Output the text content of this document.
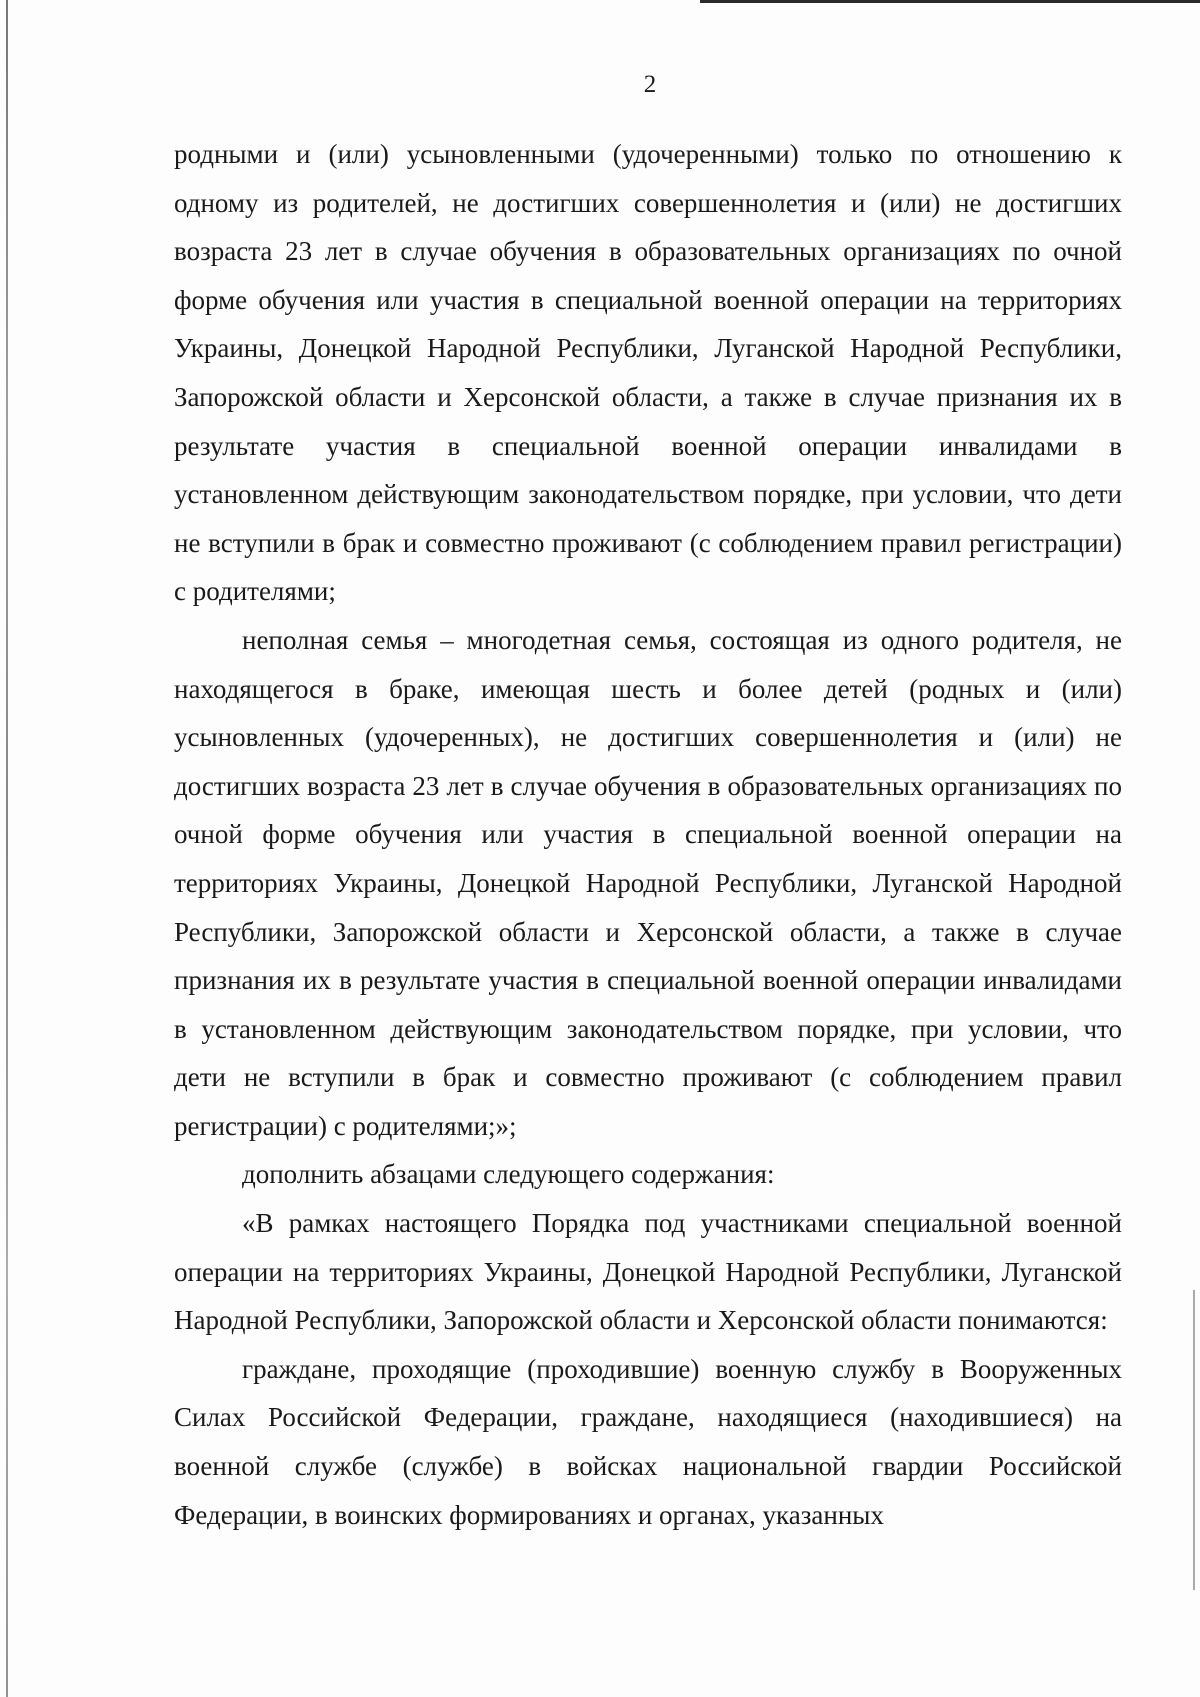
2

родными и (или) усыновленными (удочеренными) только по отношению к одному из родителей, не достигших совершеннолетия и (или) не достигших возраста 23 лет в случае обучения в образовательных организациях по очной форме обучения или участия в специальной военной операции на территориях Украины, Донецкой Народной Республики, Луганской Народной Республики, Запорожской области и Херсонской области, а также в случае признания их в результате участия в специальной военной операции инвалидами в установленном действующим законодательством порядке, при условии, что дети не вступили в брак и совместно проживают (с соблюдением правил регистрации) с родителями;

неполная семья – многодетная семья, состоящая из одного родителя, не находящегося в браке, имеющая шесть и более детей (родных и (или) усыновленных (удочеренных), не достигших совершеннолетия и (или) не достигших возраста 23 лет в случае обучения в образовательных организациях по очной форме обучения или участия в специальной военной операции на территориях Украины, Донецкой Народной Республики, Луганской Народной Республики, Запорожской области и Херсонской области, а также в случае признания их в результате участия в специальной военной операции инвалидами в установленном действующим законодательством порядке, при условии, что дети не вступили в брак и совместно проживают (с соблюдением правил регистрации) с родителями;»;

дополнить абзацами следующего содержания:

«В рамках настоящего Порядка под участниками специальной военной операции на территориях Украины, Донецкой Народной Республики, Луганской Народной Республики, Запорожской области и Херсонской области понимаются:

граждане, проходящие (проходившие) военную службу в Вооруженных Силах Российской Федерации, граждане, находящиеся (находившиеся) на военной службе (службе) в войсках национальной гвардии Российской Федерации, в воинских формированиях и органах, указанных
